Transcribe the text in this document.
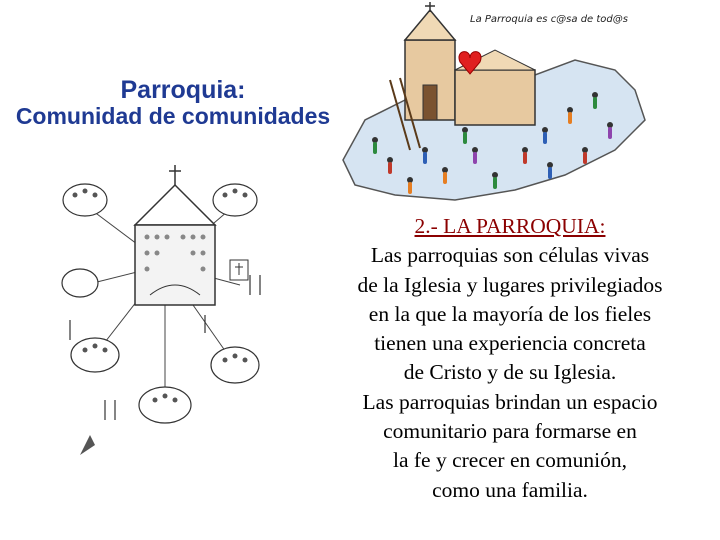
Parroquia:
Comunidad de comunidades
La Parroquia es c@sa de tod@s
2.- LA PARROQUIA:
Las parroquias son células vivas
de la Iglesia y lugares privilegiados
en la que la mayoría de los fieles
tienen una experiencia concreta
de Cristo y de su Iglesia.
Las parroquias brindan un espacio
comunitario para formarse en
la fe y crecer en comunión,
como una familia.
